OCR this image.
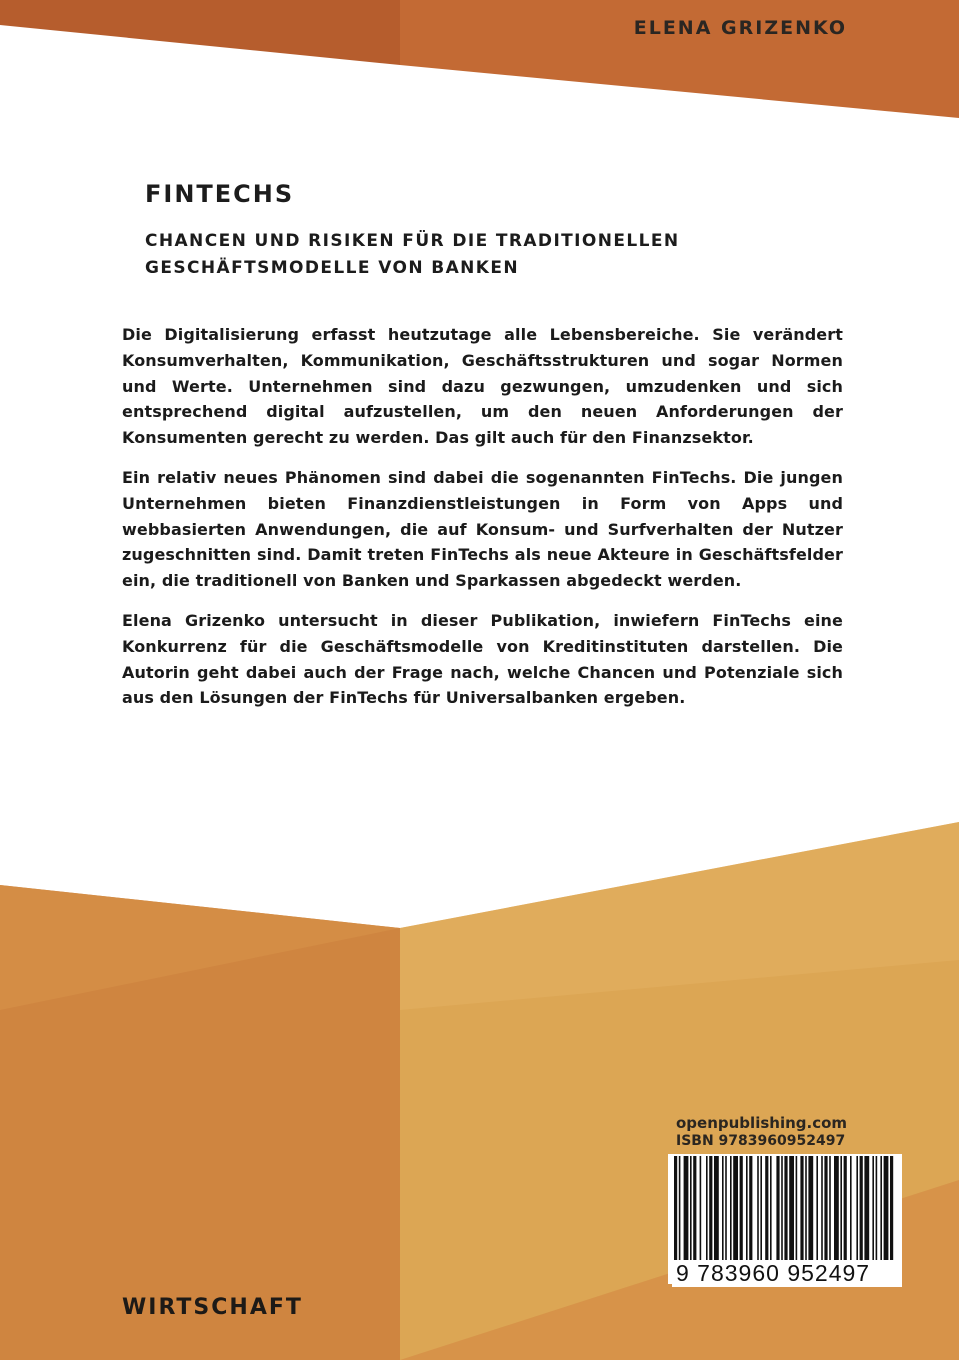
ELENA GRIZENKO

FINTECHS
CHANCEN UND RISIKEN FÜR DIE TRADITIONELLEN
GESCHÄFTSMODELLE VON BANKEN

Die Digitalisierung erfasst heutzutage alle Lebensbereiche. Sie verändert Konsumverhalten, Kommunikation, Geschäftsstrukturen und sogar Normen und Werte. Unternehmen sind dazu gezwungen, umzudenken und sich entsprechend digital aufzustellen, um den neuen Anforderungen der Konsumenten gerecht zu werden. Das gilt auch für den Finanzsektor.

Ein relativ neues Phänomen sind dabei die sogenannten FinTechs. Die jungen Unternehmen bieten Finanzdienstleistungen in Form von Apps und webbasierten Anwendungen, die auf Konsum- und Surfverhalten der Nutzer zugeschnitten sind. Damit treten FinTechs als neue Akteure in Geschäftsfelder ein, die traditionell von Banken und Sparkassen abgedeckt werden.

Elena Grizenko untersucht in dieser Publikation, inwiefern FinTechs eine Konkurrenz für die Geschäftsmodelle von Kreditinstituten darstellen. Die Autorin geht dabei auch der Frage nach, welche Chancen und Potenziale sich aus den Lösungen der FinTechs für Universalbanken ergeben.

openpublishing.com

ISBN 9783960952497

9 783960 952497

WIRTSCHAFT
